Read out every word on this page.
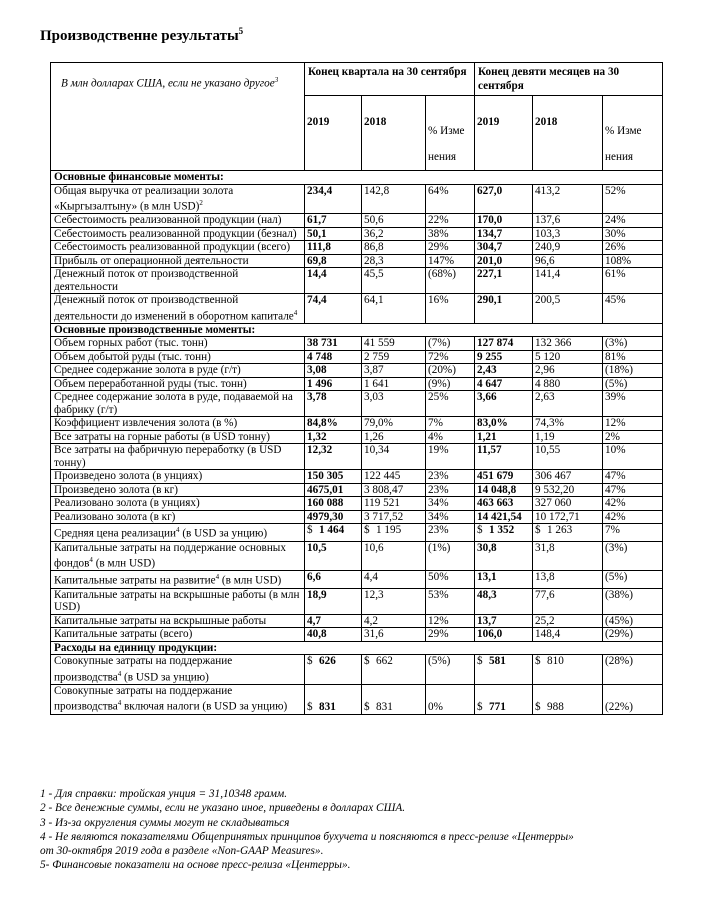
Производственне результаты$^5$
В млн долларах США, если не указано другое$^3$	Конец квартала на 30 сентября			Конец девяти месяцев на 30 сентября		
	2019	2018	% Изме нения	2019	2018	% Изме нения
Основные финансовые моменты:						
Общая выручка от реализации золота «Кыргызалтыну» (в млн USD)$^2$	234,4	142,8	64%	627,0	413,2	52%
Себестоимость реализованной продукции (нал)	61,7	50,6	22%	170,0	137,6	24%
Себестоимость реализованной продукции (безнал)	50,1	36,2	38%	134,7	103,3	30%
Себестоимость реализованной продукции (всего)	111,8	86,8	29%	304,7	240,9	26%
Прибыль от операционной деятельности	69,8	28,3	147%	201,0	96,6	108%
Денежный поток от производственной деятельности	14,4	45,5	(68%)	227,1	141,4	61%
Денежный поток от производственной деятельности до изменений в оборотном капитале$^4$	74,4	64,1	16%	290,1	200,5	45%
Основные производственные моменты:						
Объем горных работ (тыс. тонн)	38 731	41 559	(7%)	127 874	132 366	(3%)
Объем добытой руды (тыс. тонн)	4 748	2 759	72%	9 255	5 120	81%
Среднее содержание золота в руде (г/т)	3,08	3,87	(20%)	2,43	2,96	(18%)
Объем переработанной руды (тыс. тонн)	1 496	1 641	(9%)	4 647	4 880	(5%)
Среднее содержание золота в руде, подаваемой на фабрику (г/т)	3,78	3,03	25%	3,66	2,63	39%
Коэффициент извлечения золота (в %)	84,8%	79,0%	7%	83,0%	74,3%	12%
Все затраты на горные работы (в USD тонну)	1,32	1,26	4%	1,21	1,19	2%
Все затраты на фабричную переработку (в USD тонну)	12,32	10,34	19%	11,57	10,55	10%
Произведено золота (в унциях)	150 305	122 445	23%	451 679	306 467	47%
Произведено золота (в кг)	4675,01	3 808,47	23%	14 048,8	9 532,20	47%
Реализовано золота (в унциях)	160 088	119 521	34%	463 663	327 060	42%
Реализовано золота (в кг)	4979,30	3 717,52	34%	14 421,54	10 172,71	42%
Средняя цена реализации$^4$ (в USD за унцию)	$ 1 464	$ 1 195	23%	$ 1 352	$ 1 263	7%
Капитальные затраты на поддержание основных фондов$^4$ (в млн USD)	10,5	10,6	(1%)	30,8	31,8	(3%)
Капитальные затраты на развитие$^4$ (в млн USD)	6,6	4,4	50%	13,1	13,8	(5%)
Капитальные затраты на вскрышные работы (в млн USD)	18,9	12,3	53%	48,3	77,6	(38%)
Капитальные затраты на вскрышные работы	4,7	4,2	12%	13,7	25,2	(45%)
Капитальные затраты (всего)	40,8	31,6	29%	106,0	148,4	(29%)
Расходы на единицу продукции:						
Совокупные затраты на поддержание производства$^4$ (в USD за унцию)	$ 626	$ 662	(5%)	$ 581	$ 810	(28%)
Совокупные затраты на поддержание производства$^4$ включая налоги (в USD за унцию)	$ 831	$ 831	0%	$ 771	$ 988	(22%)
1 - Для справки: тройская унция = 31,10348 грамм.
2 - Все денежные суммы, если не указано иное, приведены в долларах США.
3 - Из-за округления суммы могут не складываться
4 - Не являются показателями Общепринятых принципов бухучета и поясняются в пресс-релизе «Центерры»
от 30-октября 2019 года в разделе «Non-GAAP Measures».
5- Финансовые показатели на основе пресс-релиза «Центерры».
